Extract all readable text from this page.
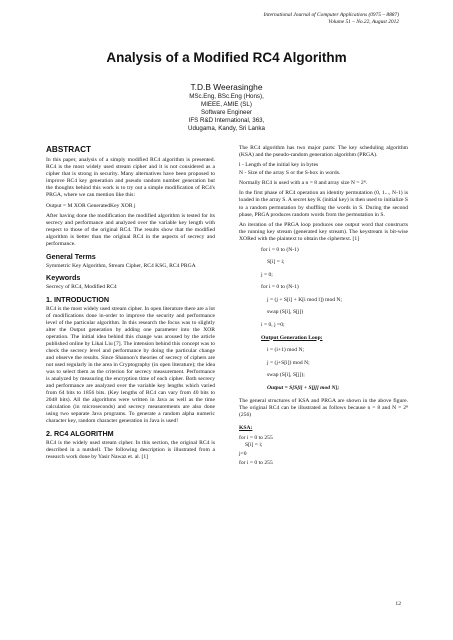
International Journal of Computer Applications (0975 – 8887)
Volume 51 – No.22, August 2012
Analysis of a Modified RC4 Algorithm
T.D.B Weerasinghe
MSc.Eng, BSc.Eng (Hons),
MIEEE, AMIE (SL)
Software Engineer
IFS R&D International, 363,
Udugama, Kandy, Sri Lanka
ABSTRACT

In this paper, analysis of a simply modified RC4 algorithm is presented. RC4 is the most widely used stream cipher and it is not considered as a cipher that is strong in security. Many alternatives have been proposed to improve RC4 key generation and pseudo random number generation but the thoughts behind this work is to try out a simple modification of RC4's PRGA, where we can mention like this:

Output = M XOR GeneratedKey XOR j

After having done the modification the modified algorithm is tested for its secrecy and performance and analyzed over the variable key length with respect to those of the original RC4. The results show that the modified algorithm is better than the original RC4 in the aspects of secrecy and performance.

General Terms

Symmetric Key Algorithm, Stream Cipher, RC4 KSG, RC4 PRGA

Keywords

Secrecy of RC4, Modified RC4

1. INTRODUCTION

RC4 is the most widely used stream cipher. In open literature there are a lot of modifications done in-order to improve the security and performance level of the particular algorithm. In this research the focus was to slightly alter the Output generation by adding one parameter into the XOR operation. The initial idea behind this change was aroused by the article published online by Likai Liu [7]. The intension behind this concept was to check the secrecy level and performance by doing the particular change and observe the results. Since Shannon's theories of secrecy of ciphers are not used regularly in the area in Cryptography (in open literature); the idea was to select them as the criterion for secrecy measurement. Performance is analyzed by measuring the encryption time of each cipher. Both secrecy and performance are analyzed over the variable key lengths which varied from 64 bits to 1856 bits. (Key lengths of RC4 can vary from 40 bits to 2048 bits). All the algorithms were written in Java as well as the time calculation (in microseconds) and secrecy measurements are also done using two separate Java programs. To generate a random alpha numeric character key, random character generation in Java is used!

2. RC4 ALGORITHM

RC4 is the widely used stream cipher. In this section, the original RC4 is described in a nutshell. The following description is illustrated from a research work done by Yasir Nawaz et. al. [1]

The RC4 algorithm has two major parts: The key scheduling algorithm (KSA) and the pseudo-random generation algorithm (PRGA).

l - Length of the initial key in bytes

N - Size of the array S or the S-box in words.

Normally RC4 is used with a n = 8 and array size N = 2⁸.

In the first phase of RC4 operation an identity permutation (0, 1..., N-1) is loaded in the array S. A secret key K (initial key) is then used to initialize S to a random permutation by shuffling the words in S. During the second phase, PRGA produces random words from the permutation in S.

An iteration of the PRGA loop produces one output word that constructs the running key stream (generated key stream). The keystream is bit-wise XORed with the plaintext to obtain the ciphertext. [1]

for i = 0 to (N-1)
S[i] = i;
j = 0;
for i = 0 to (N-1)
j = (j + S[i] + K[i mod l]) mod N;
swap (S[i], S[j])
i = 0, j =0;
Output Generation Loop:
i = (i+1) mod N;
j = (j+S[i]) mod N;
swap (S[i], S[j]);
Output = S[S[i] + S[j]] mod N];

The general structures of KSA and PRGA are shown in the above figure. The original RC4 can be illustrated as follows because n = 8 and N = 2⁸ (256)

KSA:
for i = 0 to 255
S[i] = i;
j=0
for i = 0 to 255
12
